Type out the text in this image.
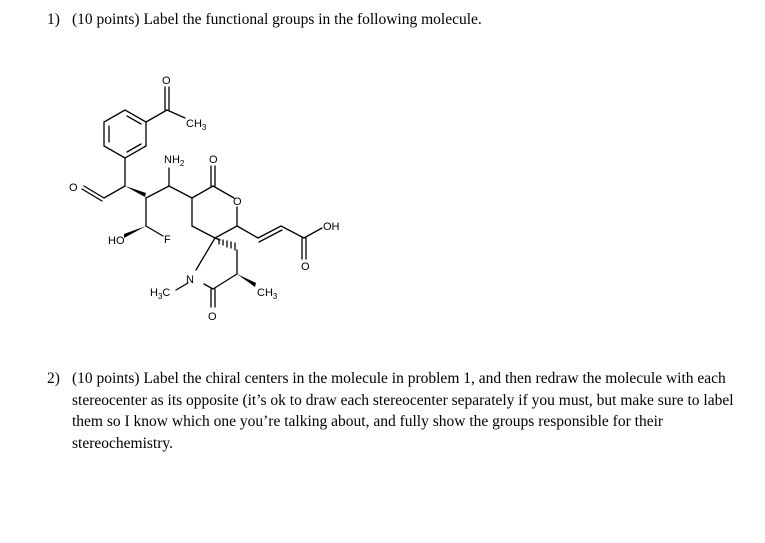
1) (10 points) Label the functional groups in the following molecule.
O
$CH_3$
O
$NH_2$
HO	F
O
O
OH
O
N
$H_3C$	$CH_3$
O
2) (10 points) Label the chiral centers in the molecule in problem 1, and then redraw the molecule with each stereocenter as its opposite (it’s ok to draw each stereocenter separately if you must, but make sure to label them so I know which one you’re talking about, and fully show the groups responsible for their stereochemistry.
